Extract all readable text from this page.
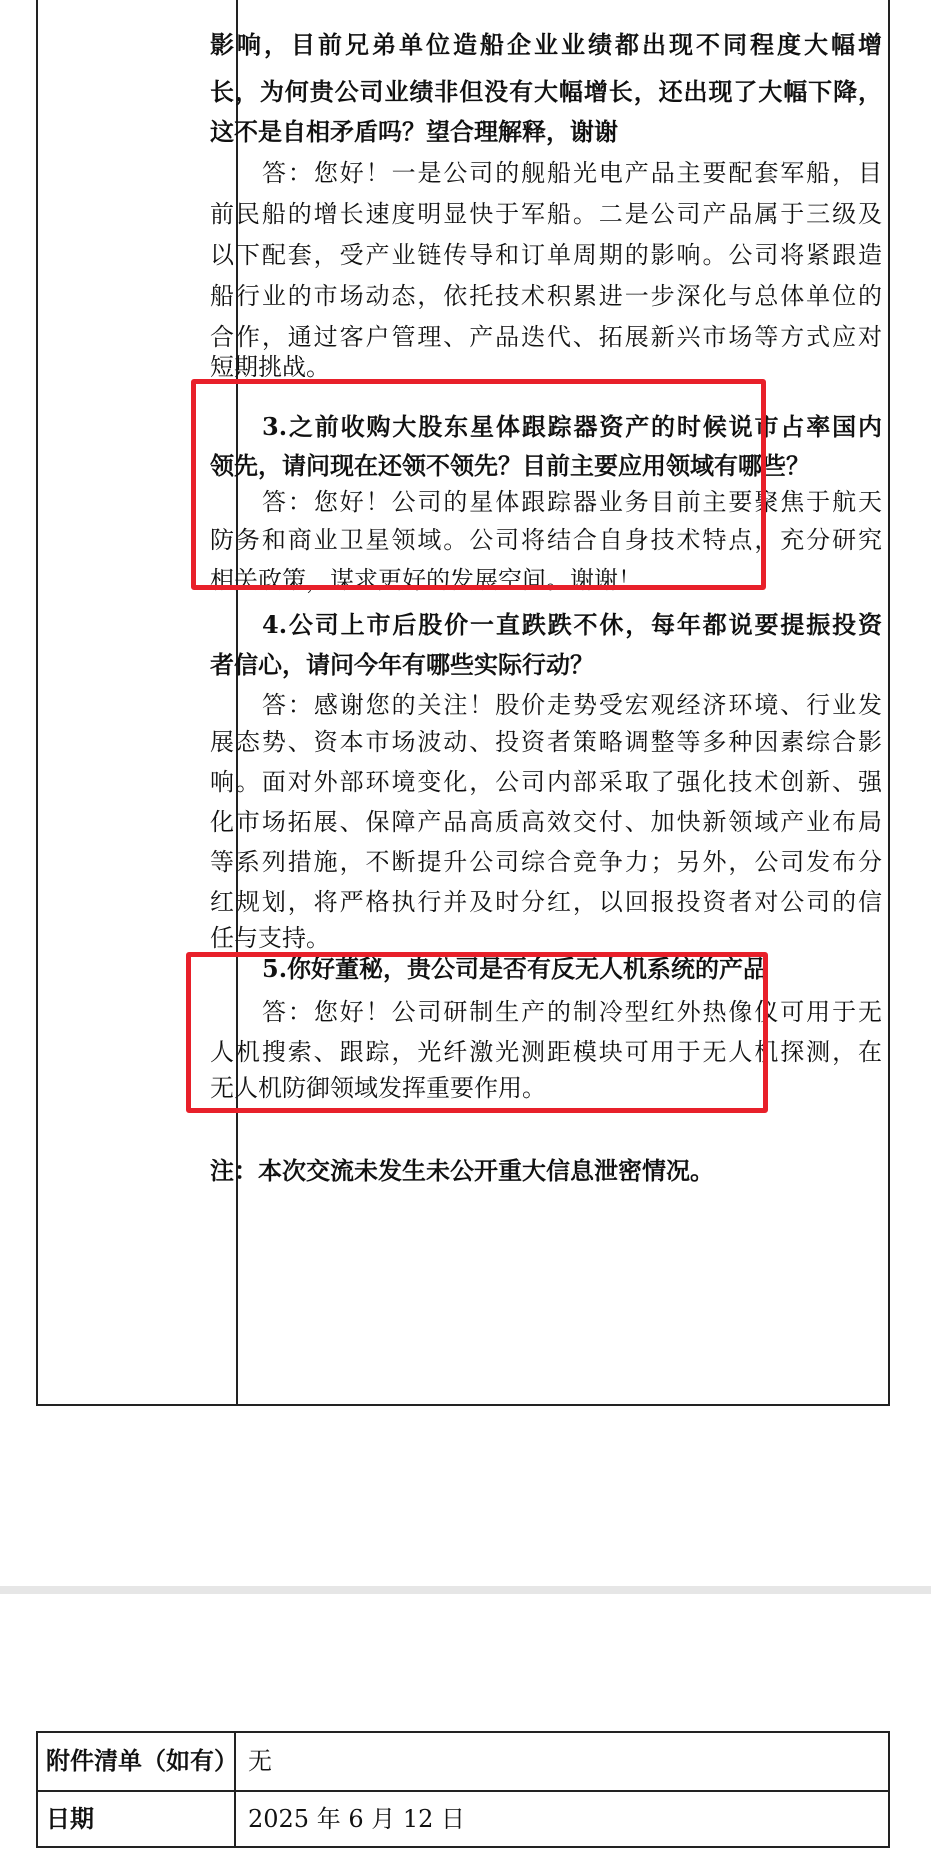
影响，目前兄弟单位造船企业业绩都出现不同程度大幅增
长，为何贵公司业绩非但没有大幅增长，还出现了大幅下降，
这不是自相矛盾吗？望合理解释，谢谢
答：您好！一是公司的舰船光电产品主要配套军船，目
前民船的增长速度明显快于军船。二是公司产品属于三级及
以下配套，受产业链传导和订单周期的影响。公司将紧跟造
船行业的市场动态，依托技术积累进一步深化与总体单位的
合作，通过客户管理、产品迭代、拓展新兴市场等方式应对
短期挑战。
3.之前收购大股东星体跟踪器资产的时候说市占率国内
领先，请问现在还领不领先？目前主要应用领域有哪些？
答：您好！公司的星体跟踪器业务目前主要聚焦于航天
防务和商业卫星领域。公司将结合自身技术特点，充分研究
相关政策，谋求更好的发展空间。谢谢！
4.公司上市后股价一直跌跌不休，每年都说要提振投资
者信心，请问今年有哪些实际行动？
答：感谢您的关注！股价走势受宏观经济环境、行业发
展态势、资本市场波动、投资者策略调整等多种因素综合影
响。面对外部环境变化，公司内部采取了强化技术创新、强
化市场拓展、保障产品高质高效交付、加快新领域产业布局
等系列措施，不断提升公司综合竞争力；另外，公司发布分
红规划，将严格执行并及时分红，以回报投资者对公司的信
任与支持。
5.你好董秘，贵公司是否有反无人机系统的产品
答：您好！公司研制生产的制冷型红外热像仪可用于无
人机搜索、跟踪，光纤激光测距模块可用于无人机探测，在
无人机防御领域发挥重要作用。
注：本次交流未发生未公开重大信息泄密情况。
附件清单（如有） 无
日期	2025 年 6 月 12 日
